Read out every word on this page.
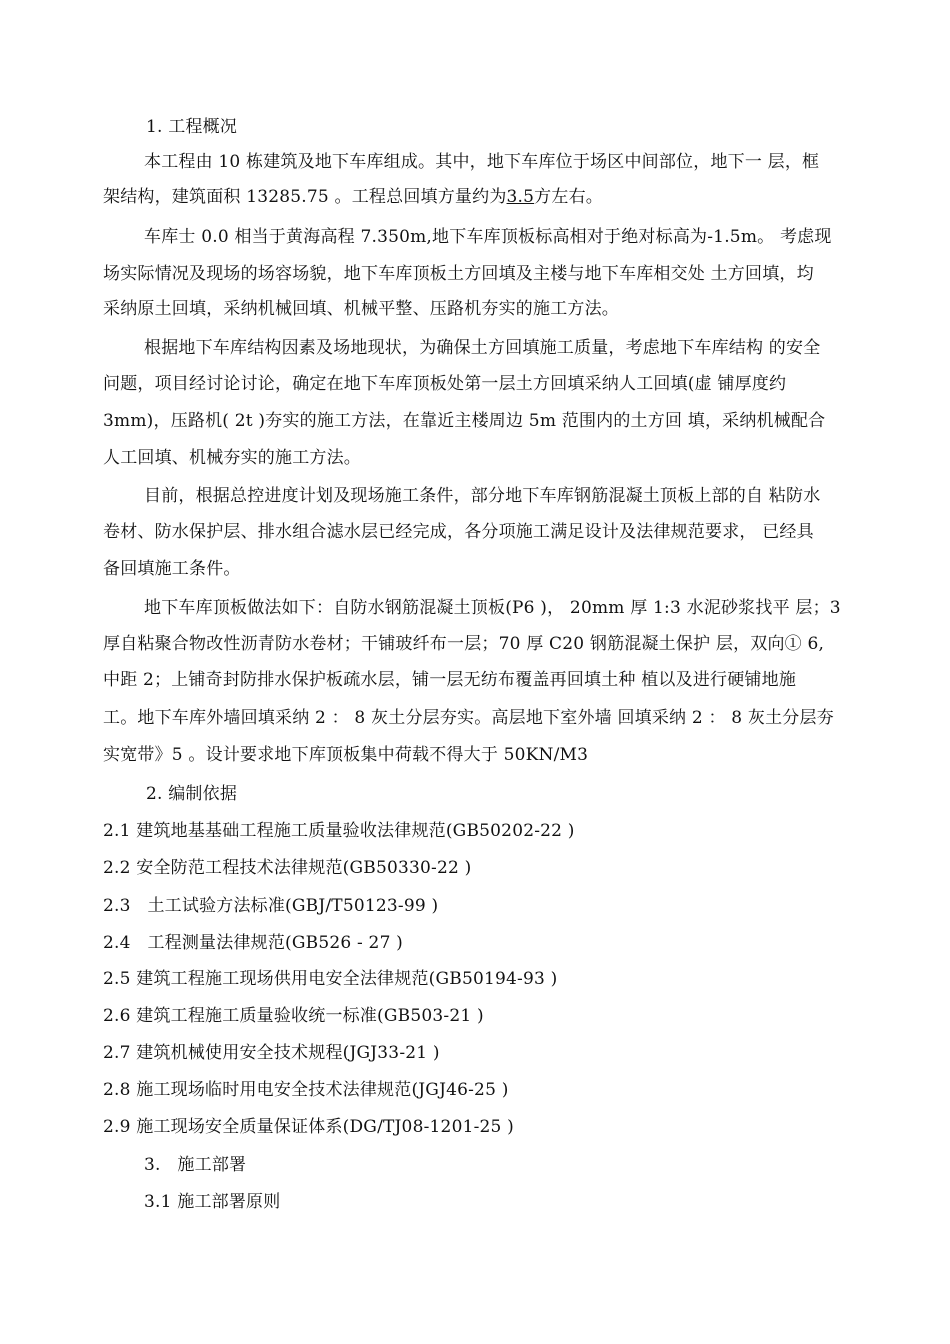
1. 工程概况
本工程由 10 栋建筑及地下车库组成。其中，地下车库位于场区中间部位，地下一 层，框
架结构，建筑面积 13285.75 。工程总回填方量约为3.5方左右。
车库士 0.0 相当于黄海高程 7.350m,地下车库顶板标高相对于绝对标高为-1.5m。 考虑现
场实际情况及现场的场容场貌，地下车库顶板土方回填及主楼与地下车库相交处 土方回填，均
采纳原土回填，采纳机械回填、机械平整、压路机夯实的施工方法。
根据地下车库结构因素及场地现状，为确保土方回填施工质量，考虑地下车库结构 的安全
问题，项目经讨论讨论，确定在地下车库顶板处第一层土方回填采纳人工回填(虚 铺厚度约
3mm)，压路机( 2t )夯实的施工方法，在靠近主楼周边 5m 范围内的土方回 填，采纳机械配合
人工回填、机械夯实的施工方法。
目前，根据总控进度计划及现场施工条件，部分地下车库钢筋混凝土顶板上部的自 粘防水
卷材、防水保护层、排水组合滤水层已经完成，各分项施工满足设计及法律规范要求， 已经具
备回填施工条件。
地下车库顶板做法如下：自防水钢筋混凝土顶板(P6 )， 20mm 厚 1:3 水泥砂浆找平 层；3
厚自粘聚合物改性沥青防水卷材；干铺玻纤布一层；70 厚 C20 钢筋混凝土保护 层，双向① 6,
中距 2；上铺奇封防排水保护板疏水层，铺一层无纺布覆盖再回填土种 植以及进行硬铺地施
工。地下车库外墙回填采纳 2 ： 8 灰土分层夯实。高层地下室外墙 回填采纳 2 ： 8 灰土分层夯
实宽带》5 。设计要求地下库顶板集中荷载不得大于 50KN/M3
2. 编制依据
2.1 建筑地基基础工程施工质量验收法律规范(GB50202-22 )
2.2 安全防范工程技术法律规范(GB50330-22 )
2.3   土工试验方法标准(GBJ/T50123-99 )
2.4   工程测量法律规范(GB526 - 27 )
2.5 建筑工程施工现场供用电安全法律规范(GB50194-93 )
2.6 建筑工程施工质量验收统一标准(GB503-21 )
2.7 建筑机械使用安全技术规程(JGJ33-21 )
2.8 施工现场临时用电安全技术法律规范(JGJ46-25 )
2.9 施工现场安全质量保证体系(DG/TJ08-1201-25 )
3.   施工部署
3.1 施工部署原则
